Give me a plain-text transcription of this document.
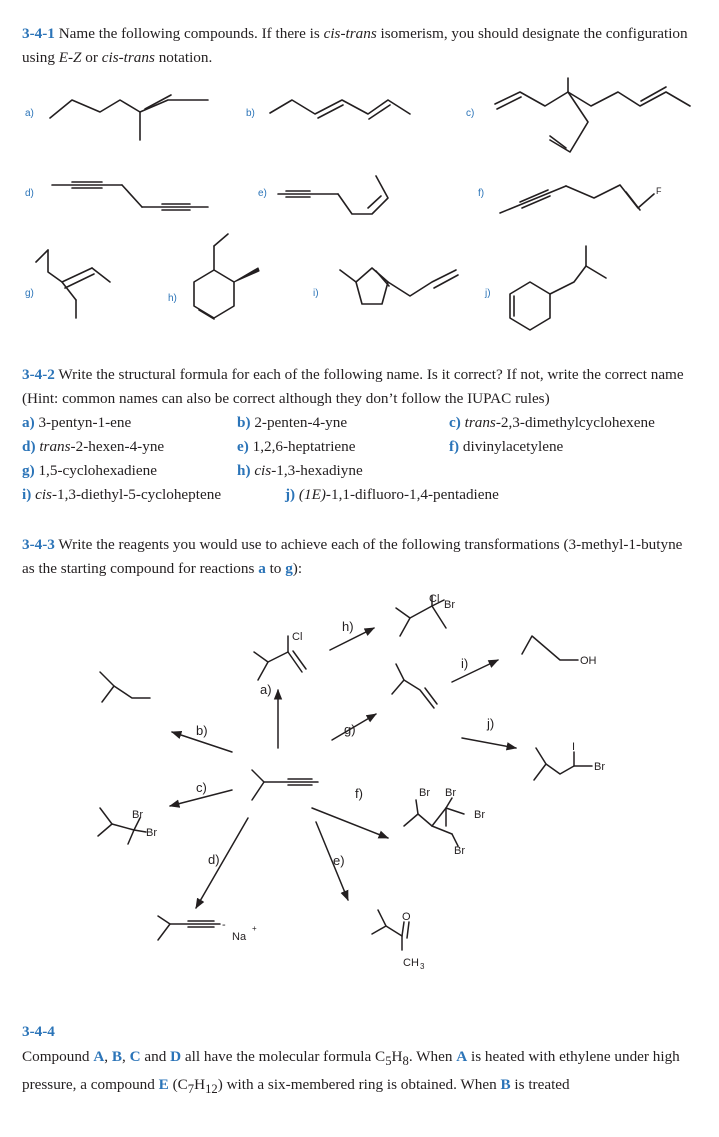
3-4-1 Name the following compounds. If there is cis-trans isomerism, you should designate the configuration using E-Z or cis-trans notation.
a)	b)	c)
d)	e)	f)
g)	h)	i)	j)
F
3-4-2 Write the structural formula for each of the following name. Is it correct? If not, write the correct name (Hint: common names can also be correct although they don’t follow the IUPAC rules)
a) 3-pentyn-1-ene	b) 2-penten-4-yne	c) trans-2,3-dimethylcyclohexene
d) trans-2-hexen-4-yne	e) 1,2,6-heptatriene	f) divinylacetylene
g) 1,5-cyclohexadiene	h) cis-1,3-hexadiyne
i) cis-1,3-diethyl-5-cycloheptene	j) (1E)-1,1-difluoro-1,4-pentadiene
3-4-3 Write the reagents you would use to achieve each of the following transformations (3-methyl-1-butyne as the starting compound for reactions a to g):
h)
a)
i)
b)	g)	j)
c)	f)
d)	e)
Cl
Cl Br
OH
I
Br
Br
Br
Br Br
Br
Br
-
Na
+
O
CH 3
3-4-4
Compound A, B, C and D all have the molecular formula $C_5H_8$. When A is heated with ethylene under high pressure, a compound E $(C_7H_{12})$ with a six-membered ring is obtained. When B is treated
